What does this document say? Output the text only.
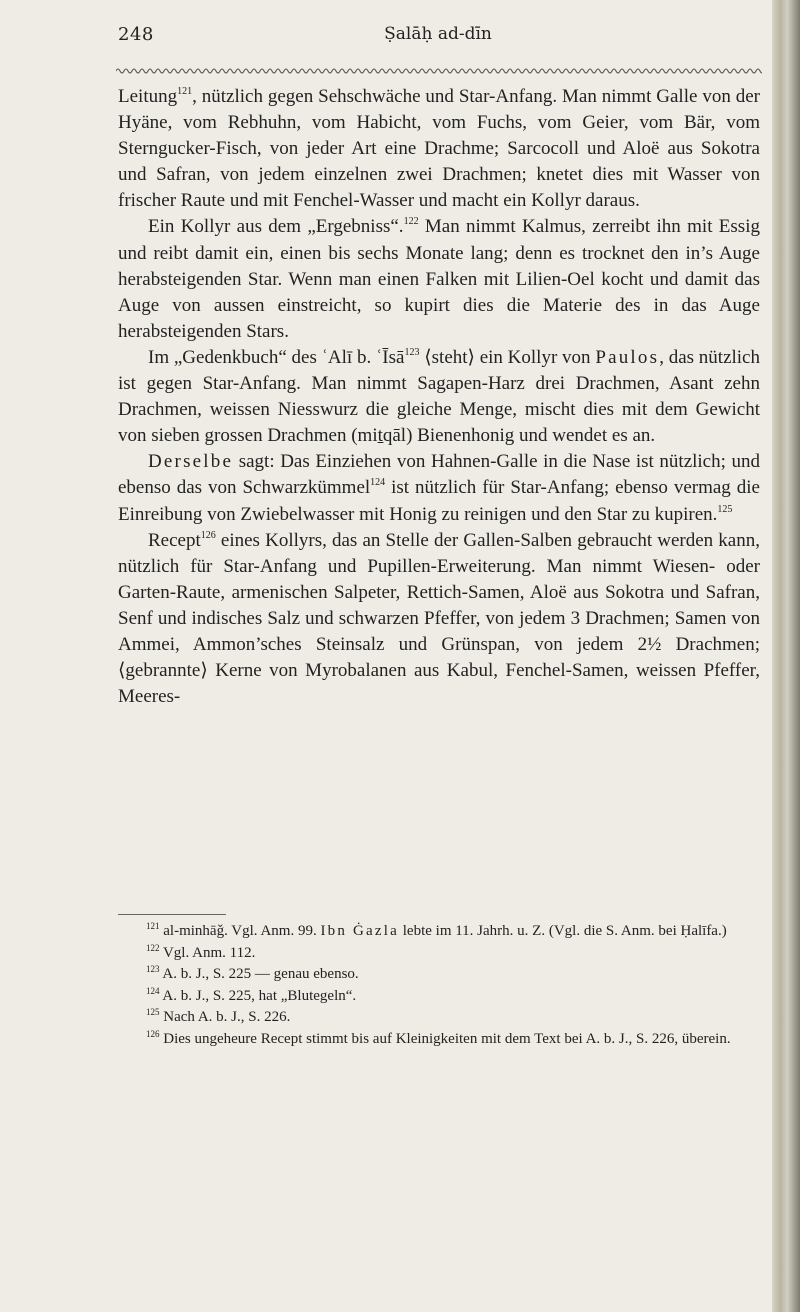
248	Ṣalāḥ ad-dīn

Leitung$^{121}$, nützlich gegen Sehschwäche und Star-Anfang. Man nimmt Galle von der Hyäne, vom Rebhuhn, vom Habicht, vom Fuchs, vom Geier, vom Bär, vom Sterngucker-Fisch, von jeder Art eine Drachme; Sarcocoll und Aloë aus Sokotra und Safran, von jedem einzelnen zwei Drachmen; knetet dies mit Wasser von frischer Raute und mit Fenchel-Wasser und macht ein Kollyr daraus.

Ein Kollyr aus dem „Ergebniss“.$^{122}$ Man nimmt Kalmus, zerreibt ihn mit Essig und reibt damit ein, einen bis sechs Monate lang; denn es trocknet den in’s Auge herabsteigenden Star. Wenn man einen Falken mit Lilien-Oel kocht und damit das Auge von aussen einstreicht, so kupirt dies die Materie des in das Auge herabsteigenden Stars.

Im „Gedenkbuch“ des ʿAlī b. ʿĪsā$^{123}$ ⟨steht⟩ ein Kollyr von Paulos, das nützlich ist gegen Star-Anfang. Man nimmt Sagapen-Harz drei Drachmen, Asant zehn Drachmen, weissen Niesswurz die gleiche Menge, mischt dies mit dem Gewicht von sieben grossen Drachmen (miṯqāl) Bienenhonig und wendet es an.

Derselbe sagt: Das Einziehen von Hahnen-Galle in die Nase ist nützlich; und ebenso das von Schwarzkümmel$^{124}$ ist nützlich für Star-Anfang; ebenso vermag die Einreibung von Zwiebelwasser mit Honig zu reinigen und den Star zu kupiren.$^{125}$

Recept$^{126}$ eines Kollyrs, das an Stelle der Gallen-Salben gebraucht werden kann, nützlich für Star-Anfang und Pupillen-Erweiterung. Man nimmt Wiesen- oder Garten-Raute, armenischen Salpeter, Rettich-Samen, Aloë aus Sokotra und Safran, Senf und indisches Salz und schwarzen Pfeffer, von jedem 3 Drachmen; Samen von Ammei, Ammon’sches Steinsalz und Grünspan, von jedem 2½ Drachmen; ⟨gebrannte⟩ Kerne von Myrobalanen aus Kabul, Fenchel-Samen, weissen Pfeffer, Meeres-

$^{121}$ al-minhāǧ. Vgl. Anm. 99. Ibn Ġazla lebte im 11. Jahrh. u. Z. (Vgl. die S. Anm. bei Ḥalīfa.)

$^{122}$ Vgl. Anm. 112.

$^{123}$ A. b. J., S. 225 — genau ebenso.

$^{124}$ A. b. J., S. 225, hat „Blutegeln“.

$^{125}$ Nach A. b. J., S. 226.

$^{126}$ Dies ungeheure Recept stimmt bis auf Kleinigkeiten mit dem Text bei A. b. J., S. 226, überein.
